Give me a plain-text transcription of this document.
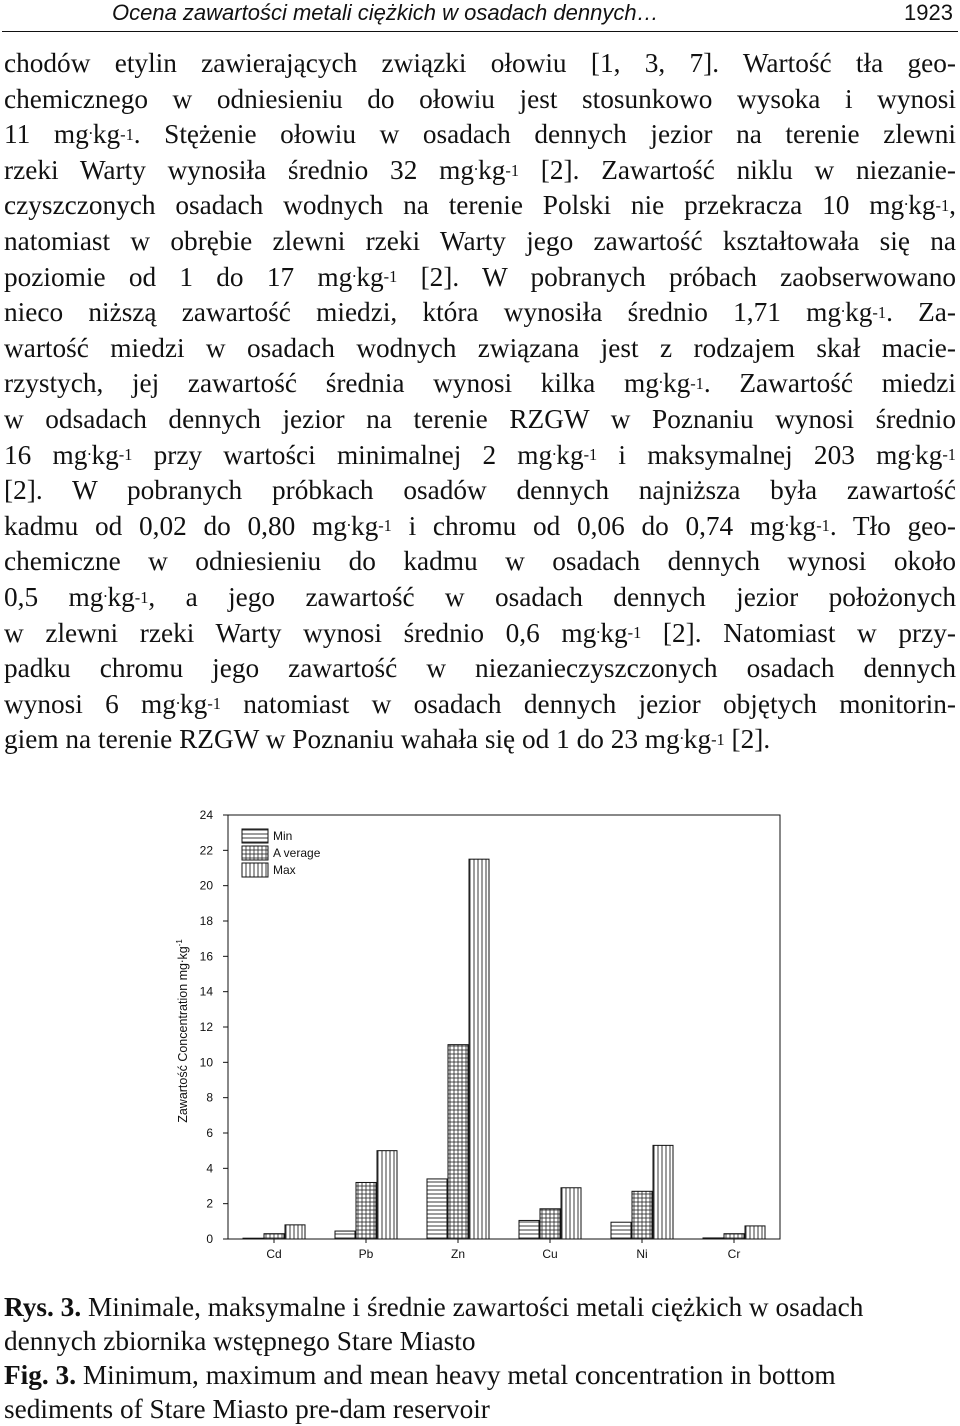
Ocena zawartości metali ciężkich w osadach dennych…	1923
chodów etylin zawierających związki ołowiu [1, 3, 7]. Wartość tła geo-
chemicznego w odniesieniu do ołowiu jest stosunkowo wysoka i wynosi
11 $mg^.kg^{-1}$. Stężenie ołowiu w osadach dennych jezior na terenie zlewni
rzeki Warty wynosiła średnio 32 $mg^.kg^{-1}$ [2]. Zawartość niklu w niezanie-
czyszczonych osadach wodnych na terenie Polski nie przekracza 10 $mg^.kg^{-1}$,
natomiast w obrębie zlewni rzeki Warty jego zawartość kształtowała się na
poziomie od 1 do 17 $mg^.kg^{-1}$ [2]. W pobranych próbach zaobserwowano
nieco niższą zawartość miedzi, która wynosiła średnio 1,71 $mg^.kg^{-1}$. Za-
wartość miedzi w osadach wodnych związana jest z rodzajem skał macie-
rzystych, jej zawartość średnia wynosi kilka $mg^.kg^{-1}$. Zawartość miedzi
w odsadach dennych jezior na terenie RZGW w Poznaniu wynosi średnio
16 $mg^.kg^{-1}$ przy wartości minimalnej 2 $mg^.kg^{-1}$ i maksymalnej 203 $mg^.kg^{-1}$
[2]. W pobranych próbkach osadów dennych najniższa była zawartość
kadmu od 0,02 do 0,80 $mg^.kg^{-1}$ i chromu od 0,06 do 0,74 $mg^.kg^{-1}$. Tło geo-
chemiczne w odniesieniu do kadmu w osadach dennych wynosi około
0,5 $mg^.kg^{-1}$, a jego zawartość w osadach dennych jezior położonych
w zlewni rzeki Warty wynosi średnio 0,6 $mg^.kg^{-1}$ [2]. Natomiast w przy-
padku chromu jego zawartość w niezanieczyszczonych osadach dennych
wynosi 6 $mg^.kg^{-1}$ natomiast w osadach dennych jezior objętych monitorin-
giem na terenie RZGW w Poznaniu wahała się od 1 do 23 $mg^.kg^{-1}$ [2].
0
2
4
6
8
10
12
14
16
18
20
22
24
Cd	Pb	Zn	Cu	Ni	Cr
Min
A verage
Max
Zawartość Concentration $mg.kg^{-1}$

Rys. 3. Minimale, maksymalne i średnie zawartości metali ciężkich w osadach

dennych zbiornika wstępnego Stare Miasto

Fig. 3. Minimum, maximum and mean heavy metal concentration in bottom

sediments of Stare Miasto pre-dam reservoir
